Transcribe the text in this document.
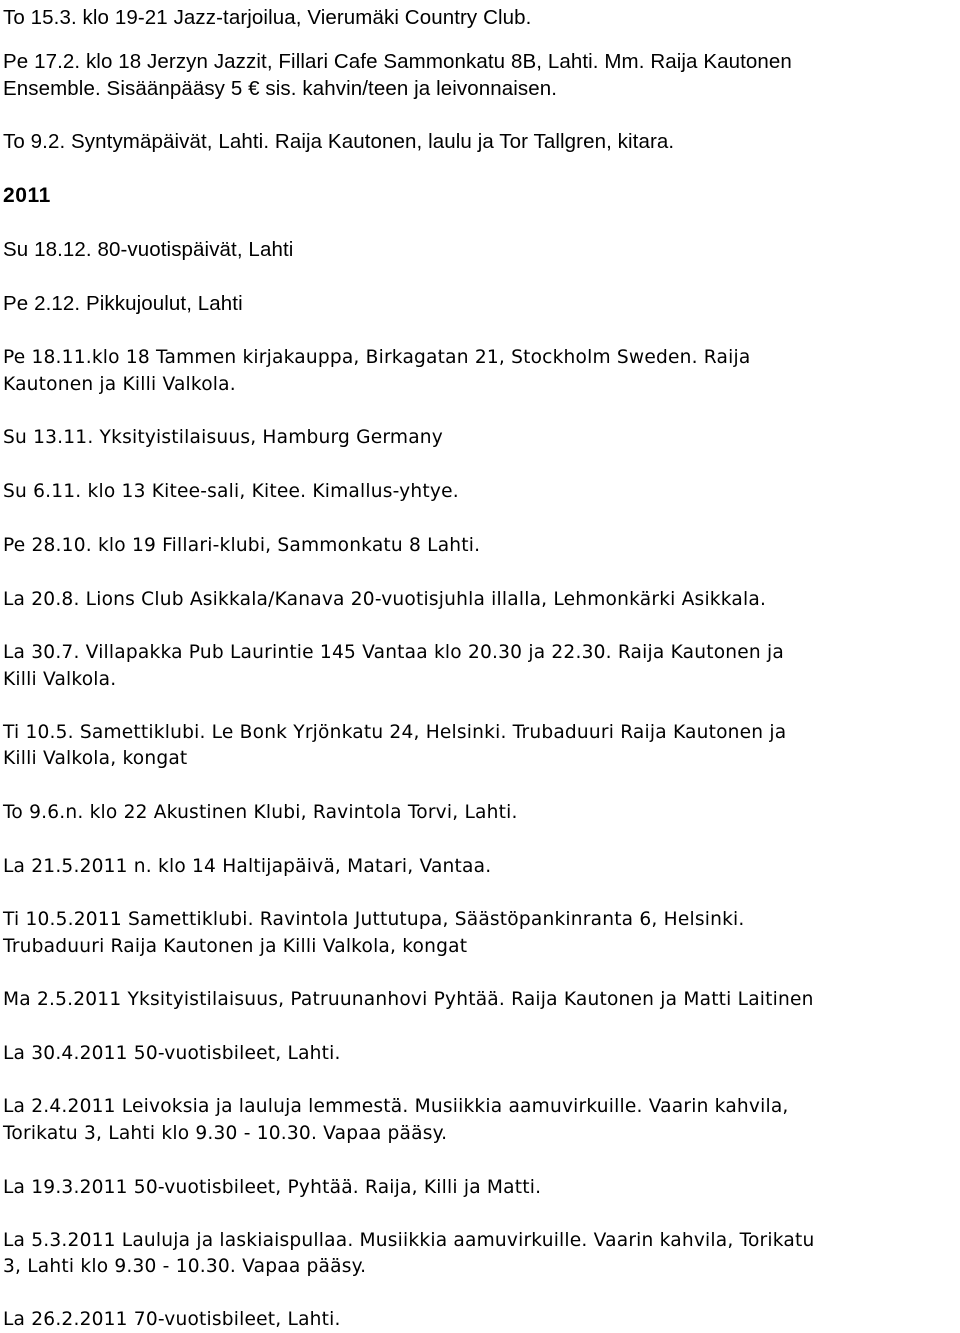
To 15.3. klo 19-21 Jazz-tarjoilua, Vierumäki Country Club.
Pe 17.2. klo 18 Jerzyn Jazzit, Fillari Cafe Sammonkatu 8B, Lahti. Mm. Raija Kautonen
Ensemble. Sisäänpääsy 5 € sis. kahvin/teen ja leivonnaisen.
To 9.2. Syntymäpäivät, Lahti. Raija Kautonen, laulu ja Tor Tallgren, kitara.
2011
Su 18.12. 80-vuotispäivät, Lahti
Pe 2.12. Pikkujoulut, Lahti
Pe 18.11.klo 18 Tammen kirjakauppa, Birkagatan 21, Stockholm Sweden. Raija
Kautonen ja Killi Valkola.
Su 13.11. Yksityistilaisuus, Hamburg Germany
Su 6.11. klo 13 Kitee-sali, Kitee. Kimallus-yhtye.
Pe 28.10. klo 19 Fillari-klubi, Sammonkatu 8 Lahti.
La 20.8. Lions Club Asikkala/Kanava 20-vuotisjuhla illalla, Lehmonkärki Asikkala.
La 30.7. Villapakka Pub Laurintie 145 Vantaa klo 20.30 ja 22.30. Raija Kautonen ja
Killi Valkola.
Ti 10.5. Samettiklubi. Le Bonk Yrjönkatu 24, Helsinki. Trubaduuri Raija Kautonen ja
Killi Valkola, kongat
To 9.6.n. klo 22 Akustinen Klubi, Ravintola Torvi, Lahti.
La 21.5.2011 n. klo 14 Haltijapäivä, Matari, Vantaa.
Ti 10.5.2011 Samettiklubi. Ravintola Juttutupa, Säästöpankinranta 6, Helsinki.
Trubaduuri Raija Kautonen ja Killi Valkola, kongat
Ma 2.5.2011 Yksityistilaisuus, Patruunanhovi Pyhtää. Raija Kautonen ja Matti Laitinen
La 30.4.2011 50-vuotisbileet, Lahti.
La 2.4.2011 Leivoksia ja lauluja lemmestä. Musiikkia aamuvirkuille. Vaarin kahvila,
Torikatu 3, Lahti klo 9.30 - 10.30. Vapaa pääsy.
La 19.3.2011 50-vuotisbileet, Pyhtää. Raija, Killi ja Matti.
La 5.3.2011 Lauluja ja laskiaispullaa. Musiikkia aamuvirkuille. Vaarin kahvila, Torikatu
3, Lahti klo 9.30 - 10.30. Vapaa pääsy.
La 26.2.2011 70-vuotisbileet, Lahti.
